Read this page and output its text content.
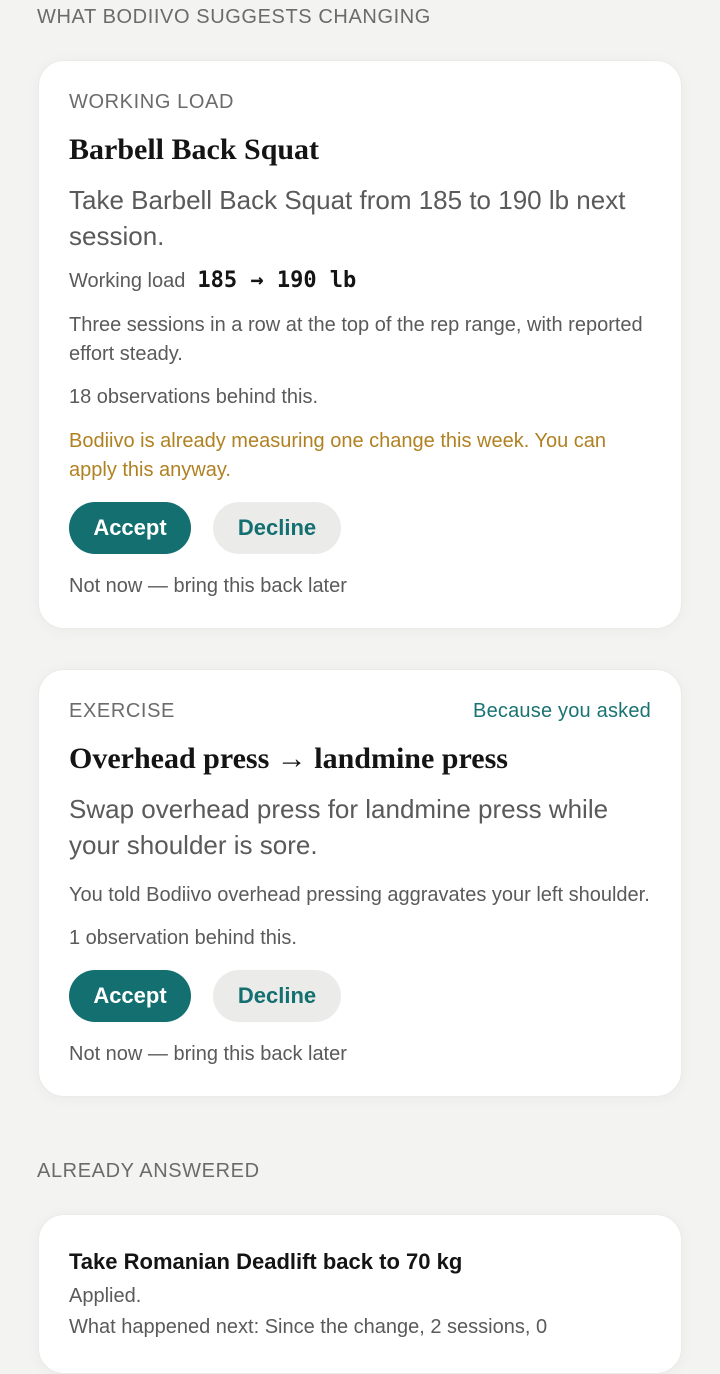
WHAT BODIIVO SUGGESTS CHANGING
WORKING LOAD
Barbell Back Squat
Take Barbell Back Squat from 185 to 190 lb next session.
Working load 185 → 190 lb
Three sessions in a row at the top of the rep range, with reported effort steady.
18 observations behind this.
Bodiivo is already measuring one change this week. You can apply this anyway.
Accept	Decline
Not now — bring this back later
EXERCISE	Because you asked
Overhead press → landmine press
Swap overhead press for landmine press while your shoulder is sore.
You told Bodiivo overhead pressing aggravates your left shoulder.
1 observation behind this.
Accept	Decline
Not now — bring this back later
ALREADY ANSWERED
Take Romanian Deadlift back to 70 kg
Applied.
What happened next: Since the change, 2 sessions, 0
